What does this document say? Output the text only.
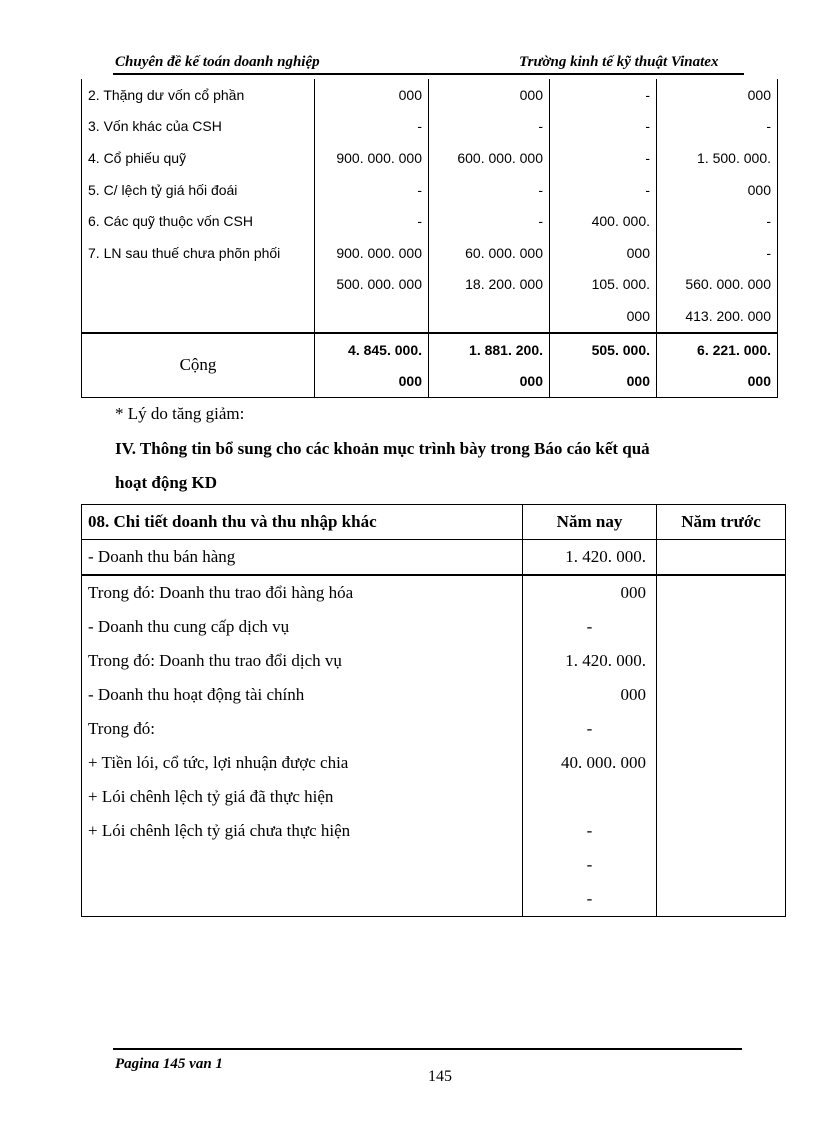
Chuyên đề kế toán doanh nghiệp	Trường kinh tế kỹ thuật Vinatex
2. Thặng dư vốn cổ phần	000	000	-	000
3. Vốn khác của CSH	-	-	-	-
4. Cổ phiếu quỹ	900. 000. 000	600. 000. 000	-	1. 500. 000.
5. C/ lệch tỷ giá hối đoái	-	-	-	000
6. Các quỹ thuộc vốn CSH	-	-	400. 000.	-
7. LN sau thuế chưa phõn phối	900. 000. 000	60. 000. 000	000	-
	500. 000. 000	18. 200. 000	105. 000.	560. 000. 000
			000	413. 200. 000
Cộng	4. 845. 000.	1. 881. 200.	505. 000.	6. 221. 000.
	000	000	000	000
* Lý do tăng giảm:
IV. Thông tin bổ sung cho các khoản mục trình bày trong Báo cáo kết quả
hoạt động KD
08. Chi tiết doanh thu và thu nhập khác	Năm nay	Năm trước
- Doanh thu bán hàng	1. 420. 000.	
Trong đó: Doanh thu trao đổi hàng hóa	000	
- Doanh thu cung cấp dịch vụ	-	
Trong đó: Doanh thu trao đổi dịch vụ	1. 420. 000.	
- Doanh thu hoạt động tài chính	000	
Trong đó:	-	
+ Tiền lói, cổ tức, lợi nhuận được chia	40. 000. 000	
+ Lói chênh lệch tỷ giá đã thực hiện		
+ Lói chênh lệch tỷ giá chưa thực hiện	-	
	-	
	-	
Pagina 145 van 1
145
